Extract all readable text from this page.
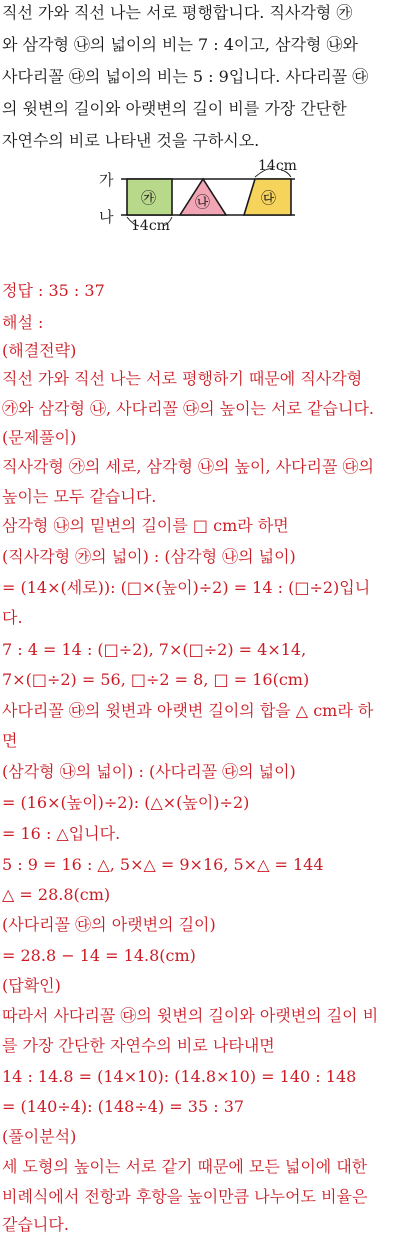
직선 가와 직선 나는 서로 평행합니다. 직사각형 ㉮
와 삼각형 ㉯의 넓이의 비는 7 : 4이고, 삼각형 ㉯와
사다리꼴 ㉰의 넓이의 비는 5 : 9입니다. 사다리꼴 ㉰
의 윗변의 길이와 아랫변의 길이 비를 가장 간단한
자연수의 비로 나타낸 것을 구하시오.
가
나
㉮	㉯	㉰
14cm
14cm
정답 : 35 : 37
해설 :
(해결전략)
직선 가와 직선 나는 서로 평행하기 때문에 직사각형
㉮와 삼각형 ㉯, 사다리꼴 ㉰의 높이는 서로 같습니다.
(문제풀이)
직사각형 ㉮의 세로, 삼각형 ㉯의 높이, 사다리꼴 ㉰의
높이는 모두 같습니다.
삼각형 ㉯의 밑변의 길이를 □ cm라 하면
(직사각형 ㉮의 넓이) : (삼각형 ㉯의 넓이)
= (14×(세로)): (□×(높이)÷2) = 14 : (□÷2)입니
다.
7 : 4 = 14 : (□÷2), 7×(□÷2) = 4×14,
7×(□÷2) = 56, □÷2 = 8, □ = 16(cm)
사다리꼴 ㉰의 윗변과 아랫변 길이의 합을 △ cm라 하
면
(삼각형 ㉯의 넓이) : (사다리꼴 ㉰의 넓이)
= (16×(높이)÷2): (△×(높이)÷2)
= 16 : △입니다.
5 : 9 = 16 : △, 5×△ = 9×16, 5×△ = 144
△ = 28.8(cm)
(사다리꼴 ㉰의 아랫변의 길이)
= 28.8 − 14 = 14.8(cm)
(답확인)
따라서 사다리꼴 ㉰의 윗변의 길이와 아랫변의 길이 비
를 가장 간단한 자연수의 비로 나타내면
14 : 14.8 = (14×10): (14.8×10) = 140 : 148
= (140÷4): (148÷4) = 35 : 37
(풀이분석)
세 도형의 높이는 서로 같기 때문에 모든 넓이에 대한
비례식에서 전항과 후항을 높이만큼 나누어도 비율은
같습니다.
